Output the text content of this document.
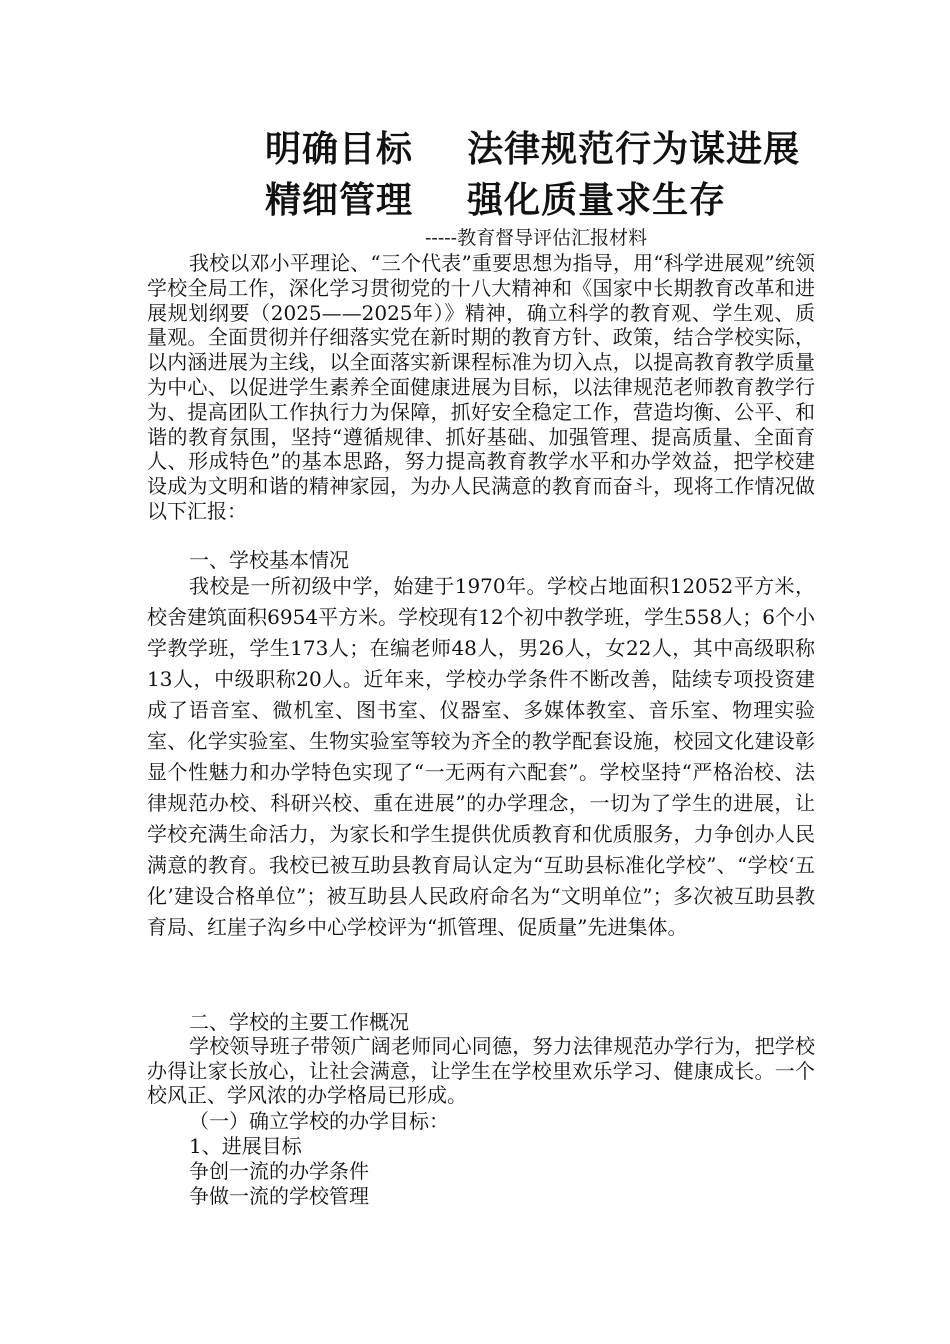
明确目标    法律规范行为谋进展
精细管理    强化质量求生存
-----教育督导评估汇报材料
我校以邓小平理论、“三个代表”重要思想为指导，用“科学进展观”统领学校全局工作，深化学习贯彻党的十八大精神和《国家中长期教育改革和进展规划纲要（2025——2025年）》精神，确立科学的教育观、学生观、质量观。全面贯彻并仔细落实党在新时期的教育方针、政策，结合学校实际，以内涵进展为主线，以全面落实新课程标准为切入点，以提高教育教学质量为中心、以促进学生素养全面健康进展为目标，以法律规范老师教育教学行为、提高团队工作执行力为保障，抓好安全稳定工作，营造均衡、公平、和谐的教育氛围，坚持“遵循规律、抓好基础、加强管理、提高质量、全面育人、形成特色”的基本思路，努力提高教育教学水平和办学效益，把学校建设成为文明和谐的精神家园，为办人民满意的教育而奋斗，现将工作情况做以下汇报：
一、学校基本情况
我校是一所初级中学，始建于1970年。学校占地面积12052平方米，校舍建筑面积6954平方米。学校现有12个初中教学班，学生558人；6个小学教学班，学生173人；在编老师48人，男26人，女22人，其中高级职称13人，中级职称20人。近年来，学校办学条件不断改善，陆续专项投资建成了语音室、微机室、图书室、仪器室、多媒体教室、音乐室、物理实验室、化学实验室、生物实验室等较为齐全的教学配套设施，校园文化建设彰显个性魅力和办学特色实现了“一无两有六配套”。学校坚持“严格治校、法律规范办校、科研兴校、重在进展”的办学理念，一切为了学生的进展，让学校充满生命活力，为家长和学生提供优质教育和优质服务，力争创办人民满意的教育。我校已被互助县教育局认定为“互助县标准化学校”、“学校‘五化’建设合格单位”；被互助县人民政府命名为“文明单位”；多次被互助县教育局、红崖子沟乡中心学校评为“抓管理、促质量”先进集体。
二、学校的主要工作概况
学校领导班子带领广阔老师同心同德，努力法律规范办学行为，把学校办得让家长放心，让社会满意，让学生在学校里欢乐学习、健康成长。一个校风正、学风浓的办学格局已形成。
（一）确立学校的办学目标：
1、进展目标
争创一流的办学条件
争做一流的学校管理
